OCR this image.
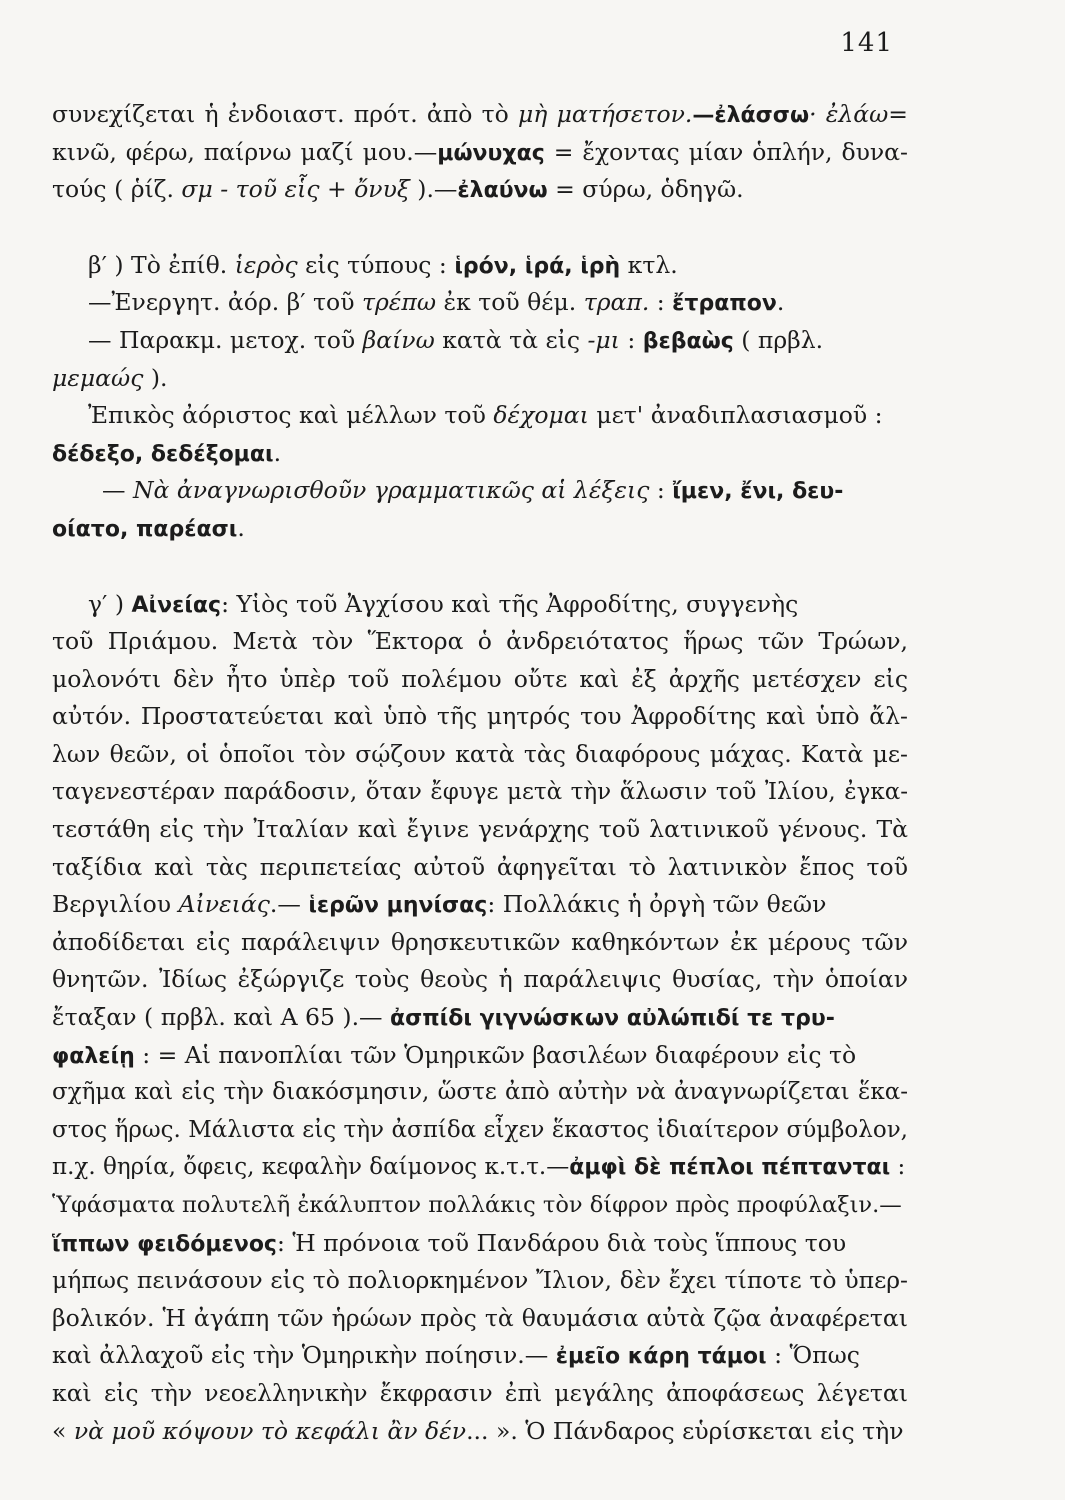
141
συνεχίζεται ἡ ἐνδοιαστ. πρότ. ἀπὸ τὸ μὴ ματήσετον.—ἐλάσσω· ἐλάω=
κινῶ, φέρω, παίρνω μαζί μου.—μώνυχας = ἔχοντας μίαν ὁπλήν, δυνα-
τούς ( ῥίζ. σμ - τοῦ εἷς + ὄνυξ ).—ἐλαύνω = σύρω, ὁδηγῶ.
β′ ) Τὸ ἐπίθ. ἱερὸς εἰς τύπους : ἱρόν, ἱρά, ἱρὴ κτλ.
—Ἐνεργητ. ἀόρ. β′ τοῦ τρέπω ἐκ τοῦ θέμ. τραπ. : ἔτραπον.
— Παρακμ. μετοχ. τοῦ βαίνω κατὰ τὰ εἰς -μι : βεβαὼς ( πρβλ.
μεμαώς ).
Ἐπικὸς ἀόριστος καὶ μέλλων τοῦ δέχομαι μετ' ἀναδιπλασιασμοῦ :
δέδεξο, δεδέξομαι.
— Νὰ ἀναγνωρισθοῦν γραμματικῶς αἱ λέξεις : ἴμεν, ἔνι, δευ-
οίατο, παρέασι.
γ′ ) Αἰνείας: Υἱὸς τοῦ Ἀγχίσου καὶ τῆς Ἀφροδίτης, συγγενὴς
τοῦ Πριάμου. Μετὰ τὸν Ἕκτορα ὁ ἀνδρειότατος ἥρως τῶν Τρώων,
μολονότι δὲν ἦτο ὑπὲρ τοῦ πολέμου οὔτε καὶ ἐξ ἀρχῆς μετέσχεν εἰς
αὐτόν. Προστατεύεται καὶ ὑπὸ τῆς μητρός του Ἀφροδίτης καὶ ὑπὸ ἄλ-
λων θεῶν, οἱ ὁποῖοι τὸν σῴζουν κατὰ τὰς διαφόρους μάχας. Κατὰ με-
ταγενεστέραν παράδοσιν, ὅταν ἔφυγε μετὰ τὴν ἅλωσιν τοῦ Ἰλίου, ἐγκα-
τεστάθη εἰς τὴν Ἰταλίαν καὶ ἔγινε γενάρχης τοῦ λατινικοῦ γένους. Τὰ
ταξίδια καὶ τὰς περιπετείας αὐτοῦ ἀφηγεῖται τὸ λατινικὸν ἔπος τοῦ
Βεργιλίου Αἰνειάς.— ἱερῶν μηνίσας: Πολλάκις ἡ ὀργὴ τῶν θεῶν
ἀποδίδεται εἰς παράλειψιν θρησκευτικῶν καθηκόντων ἐκ μέρους τῶν
θνητῶν. Ἰδίως ἐξώργιζε τοὺς θεοὺς ἡ παράλειψις θυσίας, τὴν ὁποίαν
ἔταξαν ( πρβλ. καὶ Α 65 ).— ἀσπίδι γιγνώσκων αὐλώπιδί τε τρυ-
φαλείῃ : = Αἱ πανοπλίαι τῶν Ὁμηρικῶν βασιλέων διαφέρουν εἰς τὸ
σχῆμα καὶ εἰς τὴν διακόσμησιν, ὥστε ἀπὸ αὐτὴν νὰ ἀναγνωρίζεται ἕκα-
στος ἥρως. Μάλιστα εἰς τὴν ἀσπίδα εἶχεν ἕκαστος ἰδιαίτερον σύμβολον,
π.χ. θηρία, ὄφεις, κεφαλὴν δαίμονος κ.τ.τ.—ἀμφὶ δὲ πέπλοι πέπτανται :
Ὑφάσματα πολυτελῆ ἐκάλυπτον πολλάκις τὸν δίφρον πρὸς προφύλαξιν.—
ἵππων φειδόμενος: Ἡ πρόνοια τοῦ Πανδάρου διὰ τοὺς ἵππους του
μήπως πεινάσουν εἰς τὸ πολιορκημένον Ἴλιον, δὲν ἔχει τίποτε τὸ ὑπερ-
βολικόν. Ἡ ἀγάπη τῶν ἡρώων πρὸς τὰ θαυμάσια αὐτὰ ζῷα ἀναφέρεται
καὶ ἀλλαχοῦ εἰς τὴν Ὁμηρικὴν ποίησιν.— ἐμεῖο κάρη τάμοι : Ὅπως
καὶ εἰς τὴν νεοελληνικὴν ἔκφρασιν ἐπὶ μεγάλης ἀποφάσεως λέγεται
« νὰ μοῦ κόψουν τὸ κεφάλι ἂν δέν... ». Ὁ Πάνδαρος εὑρίσκεται εἰς τὴν
